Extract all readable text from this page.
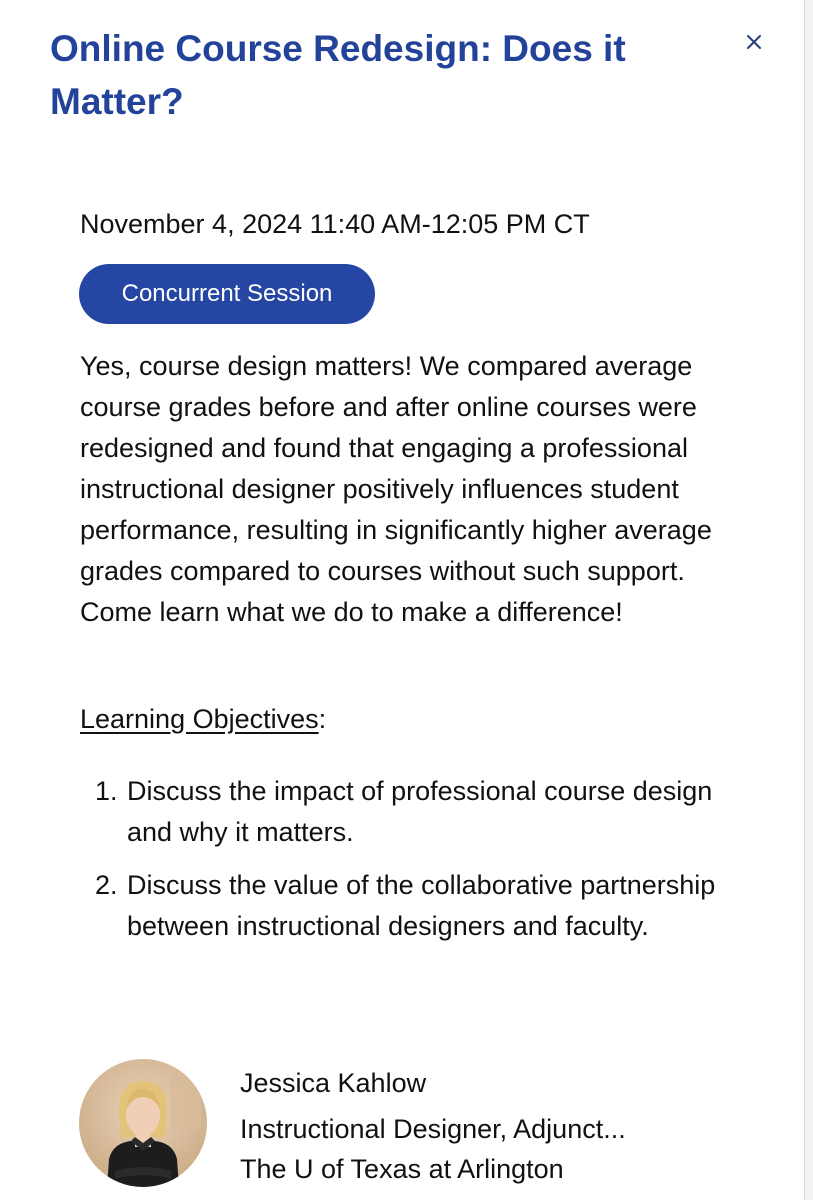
Online Course Redesign: Does it Matter?
November 4, 2024 11:40 AM-12:05 PM CT
Concurrent Session

Yes, course design matters! We compared average course grades before and after online courses were redesigned and found that engaging a professional instructional designer positively influences student performance, resulting in significantly higher average grades compared to courses without such support. Come learn what we do to make a difference!

Learning Objectives:
1. Discuss the impact of professional course design and why it matters.
2. Discuss the value of the collaborative partnership between instructional designers and faculty.
Jessica Kahlow
Instructional Designer, Adjunct...
The U of Texas at Arlington
